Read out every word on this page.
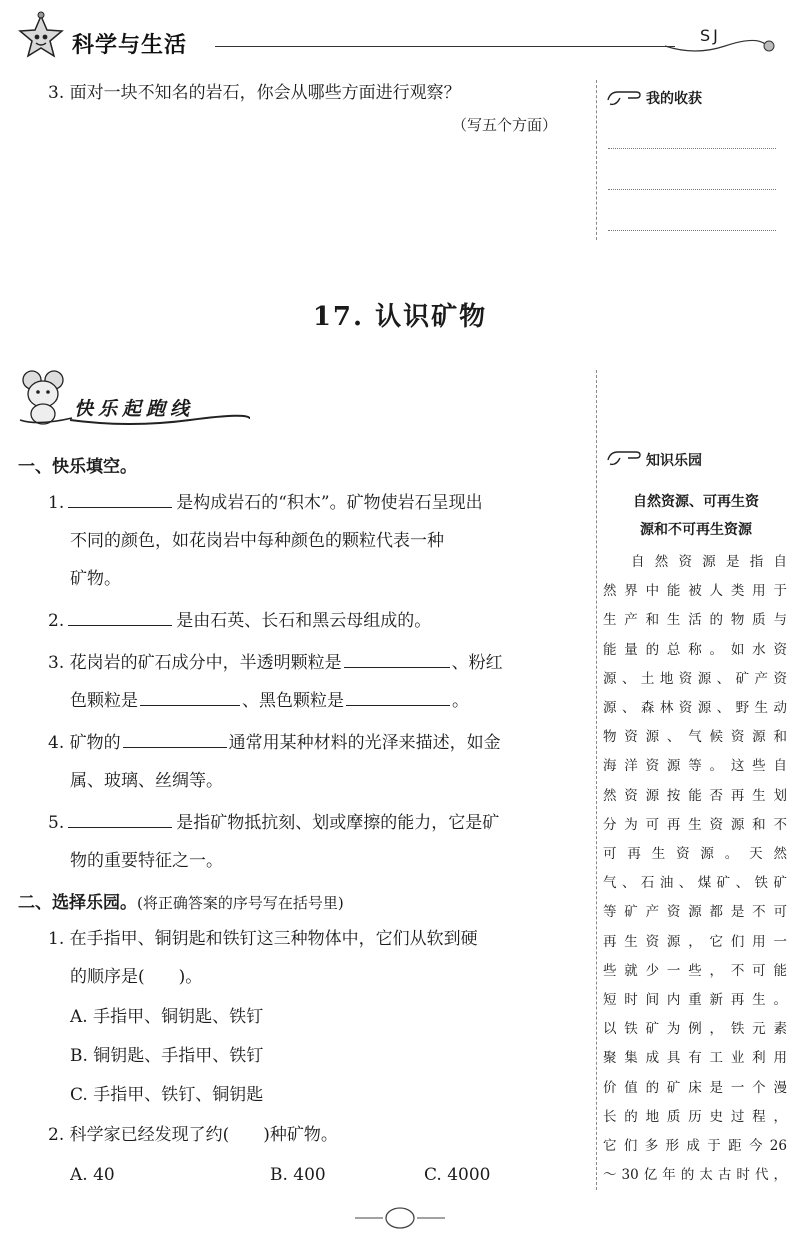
科学与生活	SJ
3. 面对一块不知名的岩石，你会从哪些方面进行观察？
（写五个方面）
我的收获
17. 认识矿物
快乐起跑线
一、快乐填空。
1.	是构成岩石的“积木”。矿物使岩石呈现出
不同的颜色，如花岗岩中每种颜色的颗粒代表一种
矿物。
2.	是由石英、长石和黑云母组成的。
3. 花岗岩的矿石成分中，半透明颗粒是	、粉红
色颗粒是	、黑色颗粒是	。
4. 矿物的	通常用某种材料的光泽来描述，如金
属、玻璃、丝绸等。
5.	是指矿物抵抗刻、划或摩擦的能力，它是矿
物的重要特征之一。
二、选择乐园。(将正确答案的序号写在括号里)
1. 在手指甲、铜钥匙和铁钉这三种物体中，它们从软到硬
的顺序是(　　)。
A. 手指甲、铜钥匙、铁钉
B. 铜钥匙、手指甲、铁钉
C. 手指甲、铁钉、铜钥匙
2. 科学家已经发现了约(　　)种矿物。
A. 40	B. 400	C. 4000
知识乐园
自然资源、可再生资
源和不可再生资源
自然资源是指自
然界中能被人类用于
生产和生活的物质与
能量的总称。如水资
源、土地资源、矿产资
源、森林资源、野生动
物资源、气候资源和
海洋资源等。这些自
然资源按能否再生划
分为可再生资源和不
可再生资源。天然
气、石油、煤矿、铁矿
等矿产资源都是不可
再生资源，它们用一
些就少一些，不可能
短时间内重新再生。
以铁矿为例，铁元素
聚集成具有工业利用
价值的矿床是一个漫
长的地质历史过程，
它们多形成于距今26
～30亿年的太古时代，
